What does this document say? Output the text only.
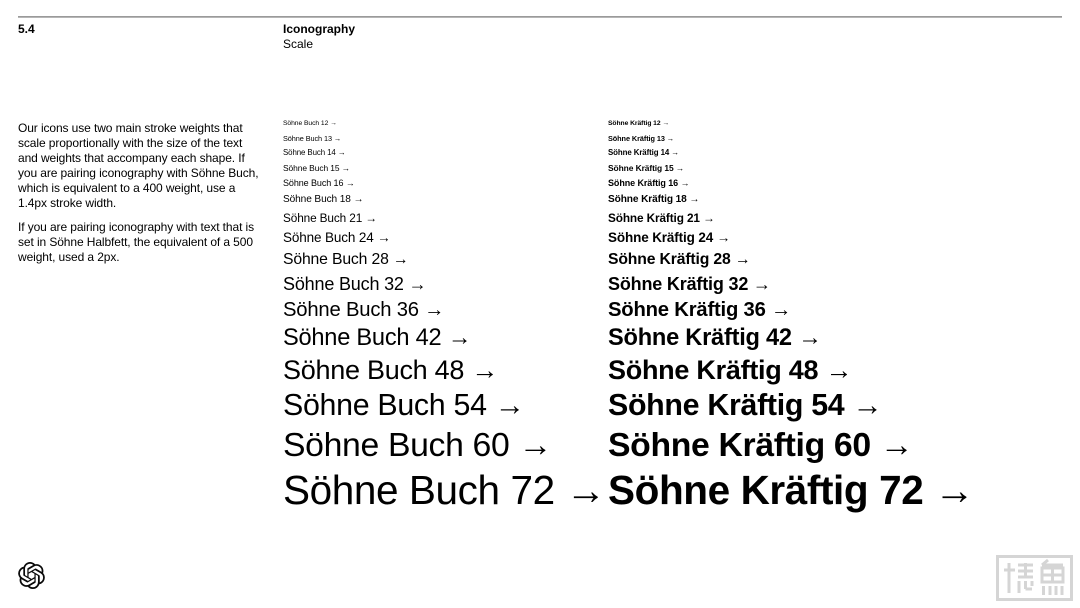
5.4	Iconography
Scale

Our icons use two main stroke weights that scale proportionally with the size of the text and weights that accompany each shape. If you are pairing iconography with Söhne Buch, which is equivalent to a 400 weight, use a 1.4px stroke width.

If you are pairing iconography with text that is set in Söhne Halbfett, the equivalent of a 500 weight, used a 2px.

Söhne Buch 12 →
Söhne Buch 13 →
Söhne Buch 14 →
Söhne Buch 15 →
Söhne Buch 16 →
Söhne Buch 18 →
Söhne Buch 21 →
Söhne Buch 24 →
Söhne Buch 28 →
Söhne Buch 32 →
Söhne Buch 36 →
Söhne Buch 42 →
Söhne Buch 48 →
Söhne Buch 54 →
Söhne Buch 60 →
Söhne Buch 72 →
Söhne Kräftig 12 →
Söhne Kräftig 13 →
Söhne Kräftig 14 →
Söhne Kräftig 15 →
Söhne Kräftig 16 →
Söhne Kräftig 18 →
Söhne Kräftig 21 →
Söhne Kräftig 24 →
Söhne Kräftig 28 →
Söhne Kräftig 32 →
Söhne Kräftig 36 →
Söhne Kräftig 42 →
Söhne Kräftig 48 →
Söhne Kräftig 54 →
Söhne Kräftig 60 →
Söhne Kräftig 72 →
